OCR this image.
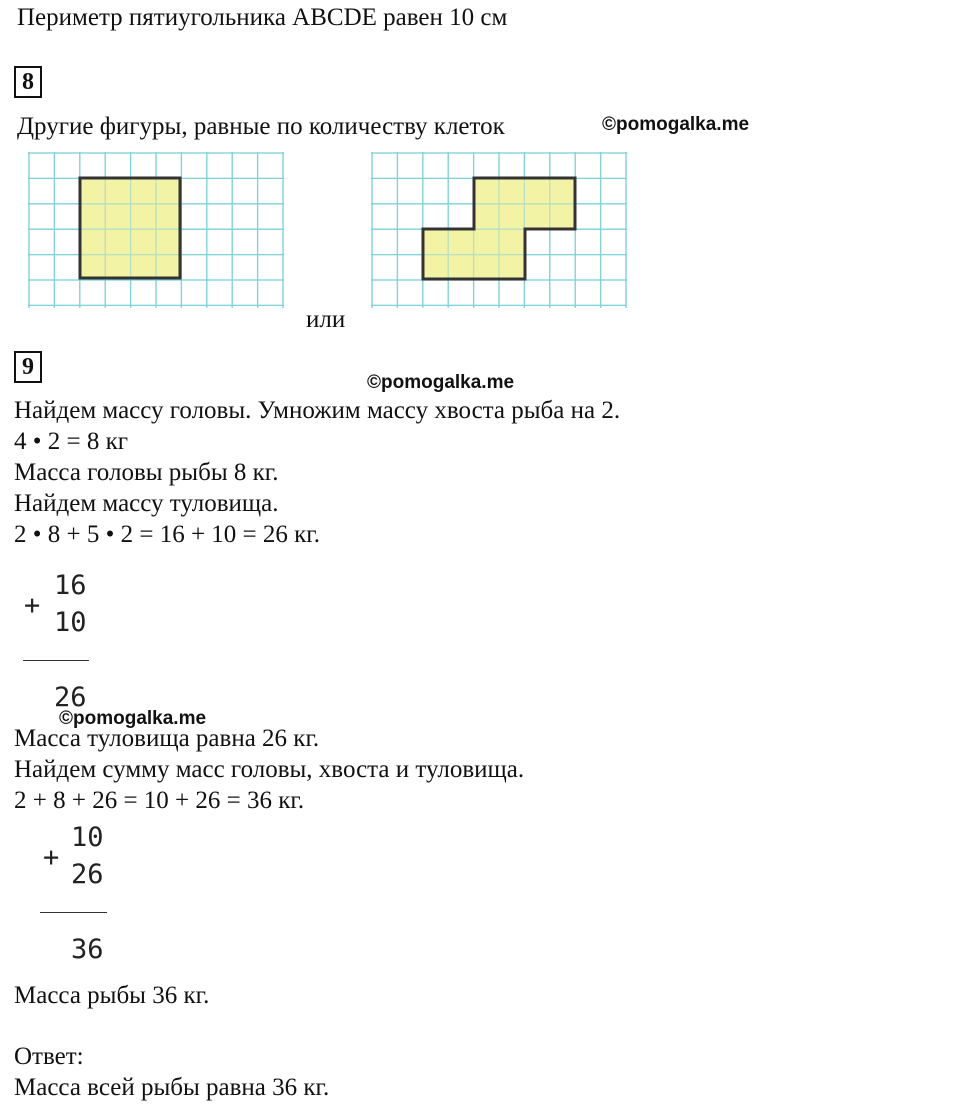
Периметр пятиугольника ABCDE равен 10 см
8
Другие фигуры, равные по количеству клеток	©pomogalka.me
или
9
©pomogalka.me
Найдем массу головы. Умножим массу хвоста рыба на 2.
4 • 2 = 8 кг
Масса головы рыбы 8 кг.
Найдем массу туловища.
2 • 8 + 5 • 2 = 16 + 10 = 26 кг.
+
16
10
26
©pomogalka.me
Масса туловища равна 26 кг.
Найдем сумму масс головы, хвоста и туловища.
2 + 8 + 26 = 10 + 26 = 36 кг.
+
10
26
36
Масса рыбы 36 кг.
Ответ:
Масса всей рыбы равна 36 кг.
